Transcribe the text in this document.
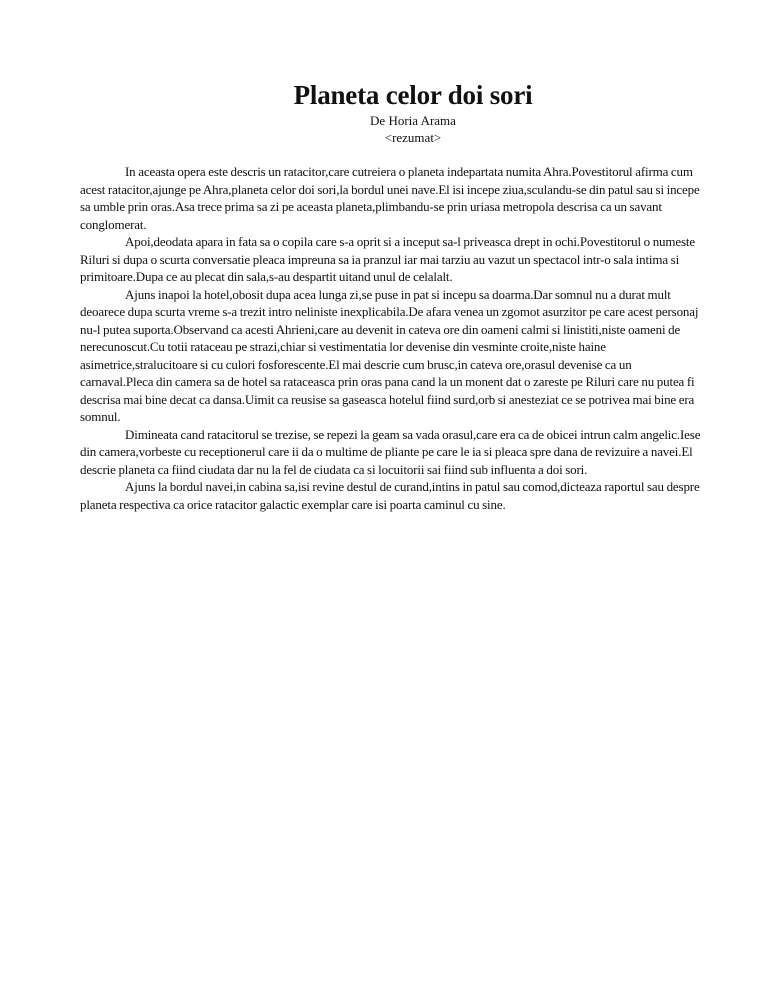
Planeta celor doi sori
De Horia Arama
<rezumat>

In aceasta opera este descris un ratacitor,care cutreiera o planeta indepartata numita Ahra.Povestitorul afirma cum acest ratacitor,ajunge pe Ahra,planeta celor doi sori,la bordul unei nave.El isi incepe ziua,sculandu-se din patul sau si incepe sa umble prin oras.Asa trece prima sa zi pe aceasta planeta,plimbandu-se prin uriasa metropola descrisa ca un savant conglomerat.

Apoi,deodata apara in fata sa o copila care s-a oprit si a inceput sa-l priveasca drept in ochi.Povestitorul o numeste Riluri si dupa o scurta conversatie pleaca impreuna sa ia pranzul iar mai tarziu au vazut un spectacol intr-o sala intima si primitoare.Dupa ce au plecat din sala,s-au despartit uitand unul de celalalt.

Ajuns inapoi la hotel,obosit dupa acea lunga zi,se puse in pat si incepu sa doarma.Dar somnul nu a durat mult deoarece dupa scurta vreme s-a trezit intro neliniste inexplicabila.De afara venea un zgomot asurzitor pe care acest personaj nu-l putea suporta.Observand ca acesti Ahrieni,care au devenit in cateva ore din oameni calmi si linistiti,niste oameni de nerecunoscut.Cu totii rataceau pe strazi,chiar si vestimentatia lor devenise din vesminte croite,niste haine asimetrice,stralucitoare si cu culori fosforescente.El mai descrie cum brusc,in cateva ore,orasul devenise ca un carnaval.Pleca din camera sa de hotel sa rataceasca prin oras pana cand la un monent dat o zareste pe Riluri care nu putea fi descrisa mai bine decat ca dansa.Uimit ca reusise sa gaseasca hotelul fiind surd,orb si anesteziat ce se potrivea mai bine era somnul.

Dimineata cand ratacitorul se trezise, se repezi la geam sa vada orasul,care era ca de obicei intrun calm angelic.Iese din camera,vorbeste cu receptionerul care ii da o multime de pliante pe care le ia si pleaca spre dana de revizuire a navei.El descrie planeta ca fiind ciudata dar nu la fel de ciudata ca si locuitorii sai fiind sub influenta a doi sori.

Ajuns la bordul navei,in cabina sa,isi revine destul de curand,intins in patul sau comod,dicteaza raportul sau despre planeta respectiva ca orice ratacitor galactic exemplar care isi poarta caminul cu sine.
